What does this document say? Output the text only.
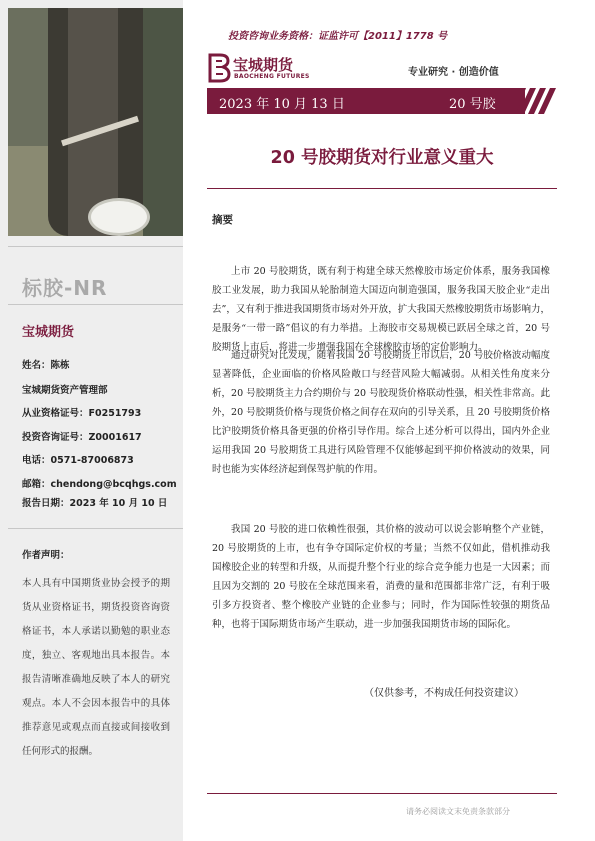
标胶-NR
宝城期货
姓名：陈栋
宝城期货资产管理部
从业资格证号：F0251793
投资咨询证号：Z0001617
电话：0571-87006873
邮箱：chendong@bcqhgs.com
报告日期：2023 年 10 月 10 日
作者声明：
本人具有中国期货业协会授予的期货从业资格证书，期货投资咨询资格证书，本人承诺以勤勉的职业态度，独立、客观地出具本报告。本报告清晰准确地反映了本人的研究观点。本人不会因本报告中的具体推荐意见或观点而直接或间接收到任何形式的报酬。
投资咨询业务资格：证监许可【2011】1778 号
宝城期货
BAOCHENG FUTURES	专业研究 · 创造价值
2023 年 10 月 13 日	20 号胶
20 号胶期货对行业意义重大
摘要
上市 20 号胶期货，既有利于构建全球天然橡胶市场定价体系，服务我国橡胶工业发展，助力我国从轮胎制造大国迈向制造强国，服务我国天胶企业“走出去”，又有利于推进我国期货市场对外开放，扩大我国天然橡胶期货市场影响力，是服务“一带一路”倡议的有力举措。上海胶市交易规模已跃居全球之首，20 号胶期货上市后，将进一步增强我国在全球橡胶市场的定价影响力。
通过研究对比发现，随着我国 20 号胶期货上市以后，20 号胶价格波动幅度显著降低，企业面临的价格风险敞口与经营风险大幅减弱。从相关性角度来分析，20 号胶期货主力合约期价与 20 号胶现货价格联动性强，相关性非常高。此外，20 号胶期货价格与现货价格之间存在双向的引导关系，且 20 号胶期货价格比沪胶期货价格具备更强的价格引导作用。综合上述分析可以得出，国内外企业运用我国 20 号胶期货工具进行风险管理不仅能够起到平抑价格波动的效果，同时也能为实体经济起到保驾护航的作用。
我国 20 号胶的进口依赖性很强，其价格的波动可以说会影响整个产业链，20 号胶期货的上市，也有争夺国际定价权的考量；当然不仅如此，借机推动我国橡胶企业的转型和升级，从而提升整个行业的综合竞争能力也是一大因素；而且因为交割的 20 号胶在全球范围来看，消费的量和范围都非常广泛，有利于吸引多方投资者、整个橡胶产业链的企业参与；同时，作为国际性较强的期货品种，也将于国际期货市场产生联动，进一步加强我国期货市场的国际化。
（仅供参考，不构成任何投资建议）
请务必阅读文末免责条款部分
